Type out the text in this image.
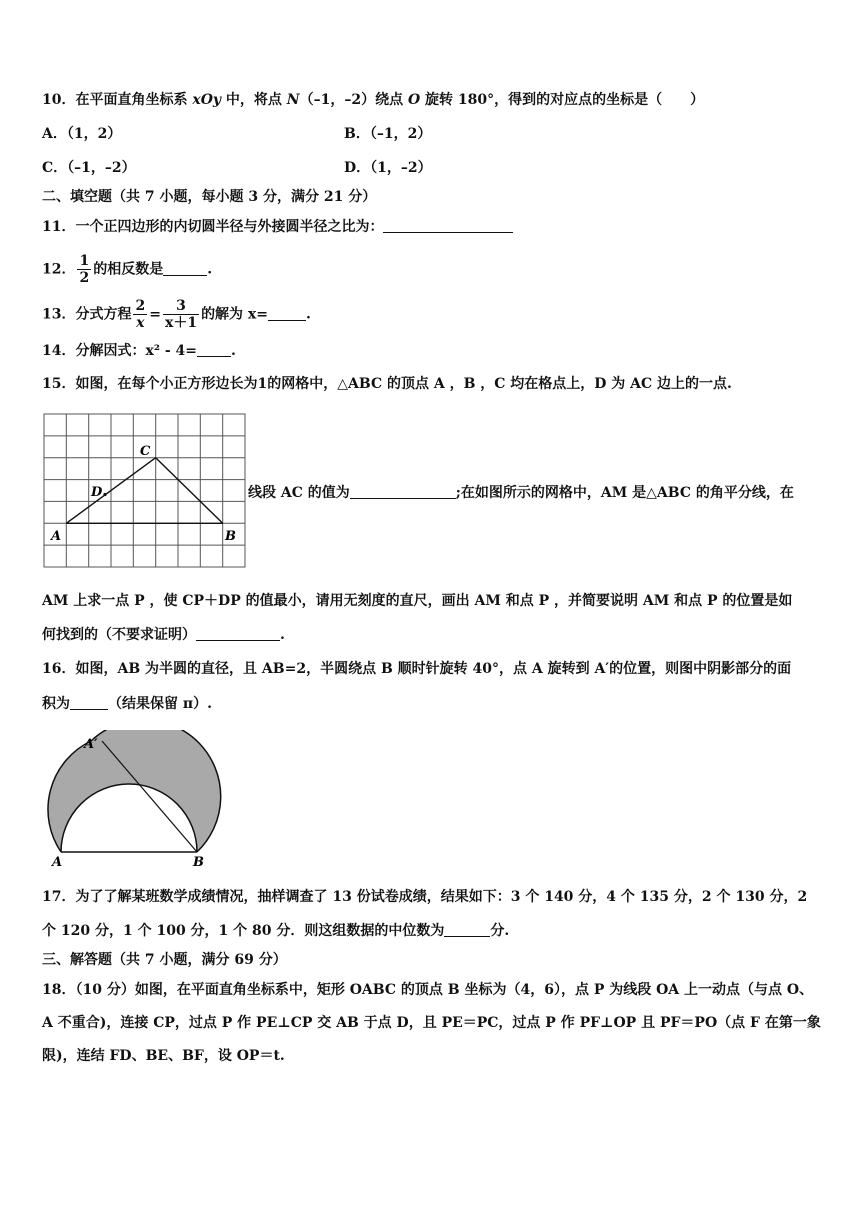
10．在平面直角坐标系 xOy 中，将点 N（–1，–2）绕点 O 旋转 180°，得到的对应点的坐标是（　　）
A．（1，2）	B．（–1，2）
C．（–1，–2）	D．（1，–2）
二、填空题（共 7 小题，每小题 3 分，满分 21 分）
11．一个正四边形的内切圆半径与外接圆半径之比为：
12． $\frac{1}{2}$ 的相反数是	.
13．分式方程 $\frac{2}{x} = \frac{3}{x+1}$ 的解为 x=	.
14．分解因式：x² - 4= .
15．如图，在每个小正方形边长为1的网格中，△ABC 的顶点 A ，B ，C 均在格点上，D 为 AC 边上的一点.
C
D
A	B
线段 AC 的值为	;在如图所示的网格中，AM 是△ABC 的角平分线，在
AM 上求一点 P ，使 CP＋DP 的值最小，请用无刻度的直尺，画出 AM 和点 P ，并简要说明 AM 和点 P 的位置是如
何找到的（不要求证明）	.
16．如图，AB 为半圆的直径，且 AB=2，半圆绕点 B 顺时针旋转 40°，点 A 旋转到 A′的位置，则图中阴影部分的面
积为	（结果保留 π）.
A′
A	B
17．为了了解某班数学成绩情况，抽样调查了 13 份试卷成绩，结果如下：3 个 140 分，4 个 135 分，2 个 130 分，2
个 120 分，1 个 100 分，1 个 80 分．则这组数据的中位数为	分.
三、解答题（共 7 小题，满分 69 分）
18．（10 分）如图，在平面直角坐标系中，矩形 OABC 的顶点 B 坐标为（4，6），点 P 为线段 OA 上一动点（与点 O、
A 不重合)，连接 CP，过点 P 作 PE⊥CP 交 AB 于点 D，且 PE＝PC，过点 P 作 PF⊥OP 且 PF＝PO（点 F 在第一象
限)，连结 FD、BE、BF，设 OP＝t.
